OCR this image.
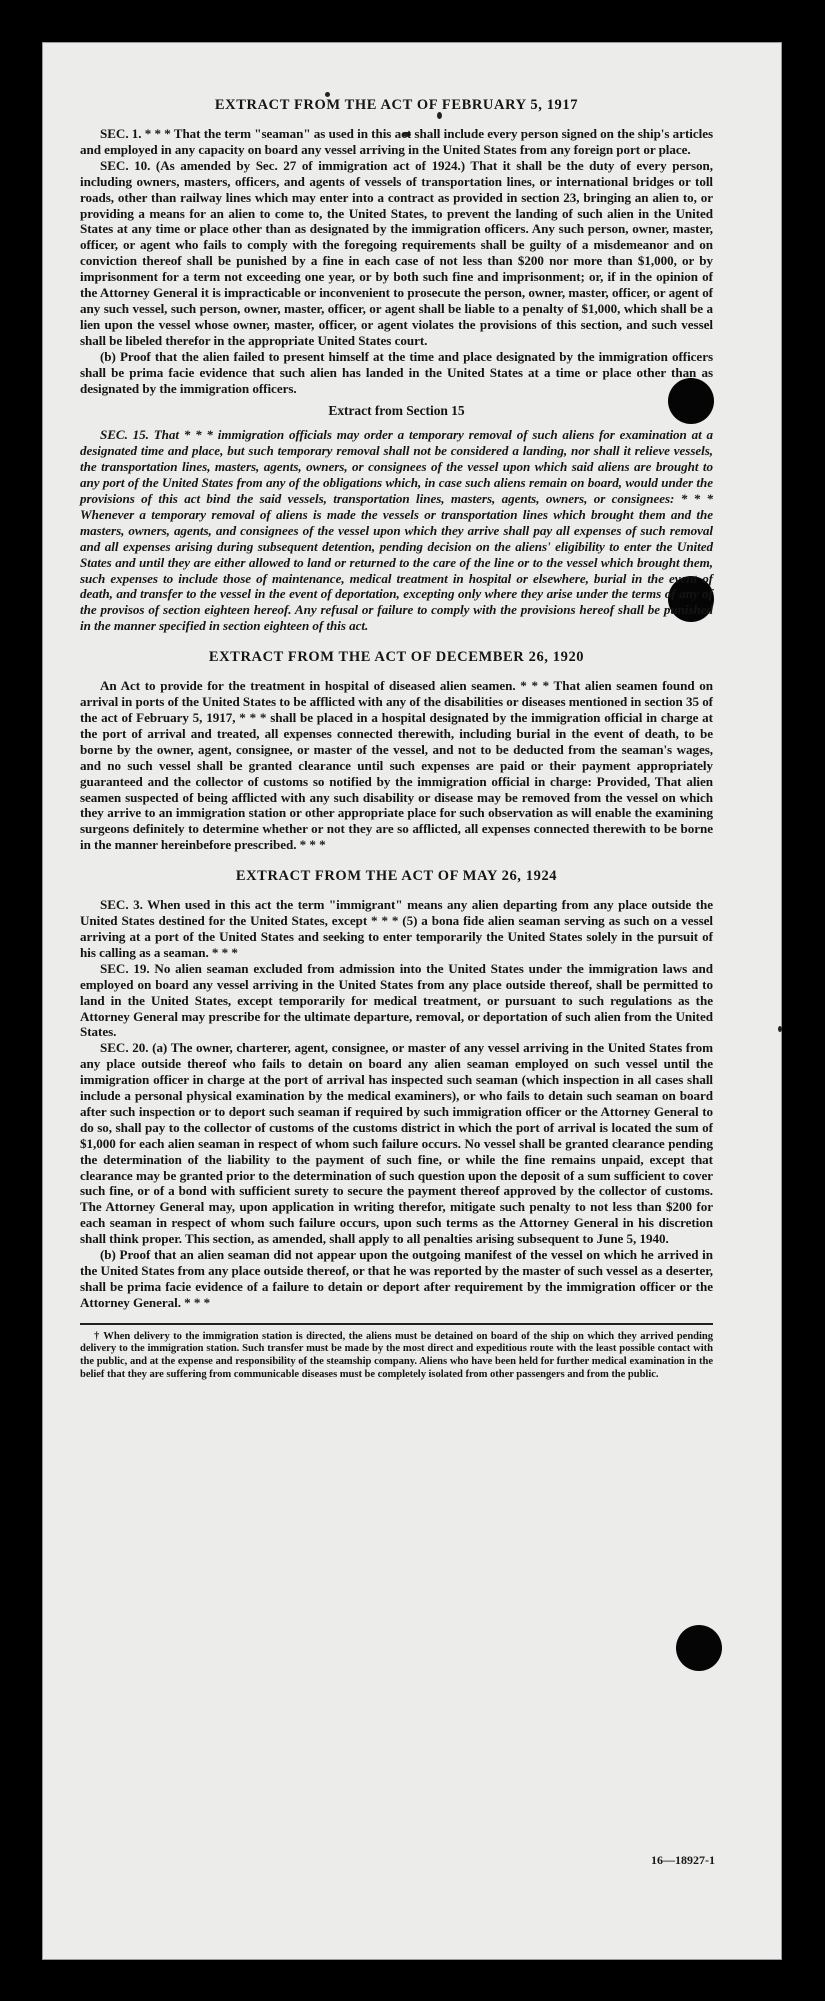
EXTRACT FROM THE ACT OF FEBRUARY 5, 1917

SEC. 1. * * * That the term "seaman" as used in this act shall include every person signed on the ship's articles and employed in any capacity on board any vessel arriving in the United States from any foreign port or place.

SEC. 10. (As amended by Sec. 27 of immigration act of 1924.) That it shall be the duty of every person, including owners, masters, officers, and agents of vessels of transportation lines, or international bridges or toll roads, other than railway lines which may enter into a contract as provided in section 23, bringing an alien to, or providing a means for an alien to come to, the United States, to prevent the landing of such alien in the United States at any time or place other than as designated by the immigration officers. Any such person, owner, master, officer, or agent who fails to comply with the foregoing requirements shall be guilty of a misdemeanor and on conviction thereof shall be punished by a fine in each case of not less than $200 nor more than $1,000, or by imprisonment for a term not exceeding one year, or by both such fine and imprisonment; or, if in the opinion of the Attorney General it is impracticable or inconvenient to prosecute the person, owner, master, officer, or agent of any such vessel, such person, owner, master, officer, or agent shall be liable to a penalty of $1,000, which shall be a lien upon the vessel whose owner, master, officer, or agent violates the provisions of this section, and such vessel shall be libeled therefor in the appropriate United States court.

(b) Proof that the alien failed to present himself at the time and place designated by the immigration officers shall be prima facie evidence that such alien has landed in the United States at a time or place other than as designated by the immigration officers.

Extract from Section 15

SEC. 15. That * * * immigration officials may order a temporary removal of such aliens for examination at a designated time and place, but such temporary removal shall not be considered a landing, nor shall it relieve vessels, the transportation lines, masters, agents, owners, or consignees of the vessel upon which said aliens are brought to any port of the United States from any of the obligations which, in case such aliens remain on board, would under the provisions of this act bind the said vessels, transportation lines, masters, agents, owners, or consignees: * * * Whenever a temporary removal of aliens is made the vessels or transportation lines which brought them and the masters, owners, agents, and consignees of the vessel upon which they arrive shall pay all expenses of such removal and all expenses arising during subsequent detention, pending decision on the aliens' eligibility to enter the United States and until they are either allowed to land or returned to the care of the line or to the vessel which brought them, such expenses to include those of maintenance, medical treatment in hospital or elsewhere, burial in the event of death, and transfer to the vessel in the event of deportation, excepting only where they arise under the terms of any of the provisos of section eighteen hereof. Any refusal or failure to comply with the provisions hereof shall be punished in the manner specified in section eighteen of this act.

EXTRACT FROM THE ACT OF DECEMBER 26, 1920

An Act to provide for the treatment in hospital of diseased alien seamen. * * * That alien seamen found on arrival in ports of the United States to be afflicted with any of the disabilities or diseases mentioned in section 35 of the act of February 5, 1917, * * * shall be placed in a hospital designated by the immigration official in charge at the port of arrival and treated, all expenses connected therewith, including burial in the event of death, to be borne by the owner, agent, consignee, or master of the vessel, and not to be deducted from the seaman's wages, and no such vessel shall be granted clearance until such expenses are paid or their payment appropriately guaranteed and the collector of customs so notified by the immigration official in charge: Provided, That alien seamen suspected of being afflicted with any such disability or disease may be removed from the vessel on which they arrive to an immigration station or other appropriate place for such observation as will enable the examining surgeons definitely to determine whether or not they are so afflicted, all expenses connected therewith to be borne in the manner hereinbefore prescribed. * * *

EXTRACT FROM THE ACT OF MAY 26, 1924

SEC. 3. When used in this act the term "immigrant" means any alien departing from any place outside the United States destined for the United States, except * * * (5) a bona fide alien seaman serving as such on a vessel arriving at a port of the United States and seeking to enter temporarily the United States solely in the pursuit of his calling as a seaman. * * *

SEC. 19. No alien seaman excluded from admission into the United States under the immigration laws and employed on board any vessel arriving in the United States from any place outside thereof, shall be permitted to land in the United States, except temporarily for medical treatment, or pursuant to such regulations as the Attorney General may prescribe for the ultimate departure, removal, or deportation of such alien from the United States.

SEC. 20. (a) The owner, charterer, agent, consignee, or master of any vessel arriving in the United States from any place outside thereof who fails to detain on board any alien seaman employed on such vessel until the immigration officer in charge at the port of arrival has inspected such seaman (which inspection in all cases shall include a personal physical examination by the medical examiners), or who fails to detain such seaman on board after such inspection or to deport such seaman if required by such immigration officer or the Attorney General to do so, shall pay to the collector of customs of the customs district in which the port of arrival is located the sum of $1,000 for each alien seaman in respect of whom such failure occurs. No vessel shall be granted clearance pending the determination of the liability to the payment of such fine, or while the fine remains unpaid, except that clearance may be granted prior to the determination of such question upon the deposit of a sum sufficient to cover such fine, or of a bond with sufficient surety to secure the payment thereof approved by the collector of customs. The Attorney General may, upon application in writing therefor, mitigate such penalty to not less than $200 for each seaman in respect of whom such failure occurs, upon such terms as the Attorney General in his discretion shall think proper. This section, as amended, shall apply to all penalties arising subsequent to June 5, 1940.

(b) Proof that an alien seaman did not appear upon the outgoing manifest of the vessel on which he arrived in the United States from any place outside thereof, or that he was reported by the master of such vessel as a deserter, shall be prima facie evidence of a failure to detain or deport after requirement by the immigration officer or the Attorney General. * * *

† When delivery to the immigration station is directed, the aliens must be detained on board of the ship on which they arrived pending delivery to the immigration station. Such transfer must be made by the most direct and expeditious route with the least possible contact with the public, and at the expense and responsibility of the steamship company. Aliens who have been held for further medical examination in the belief that they are suffering from communicable diseases must be completely isolated from other passengers and from the public.

16—18927-1
